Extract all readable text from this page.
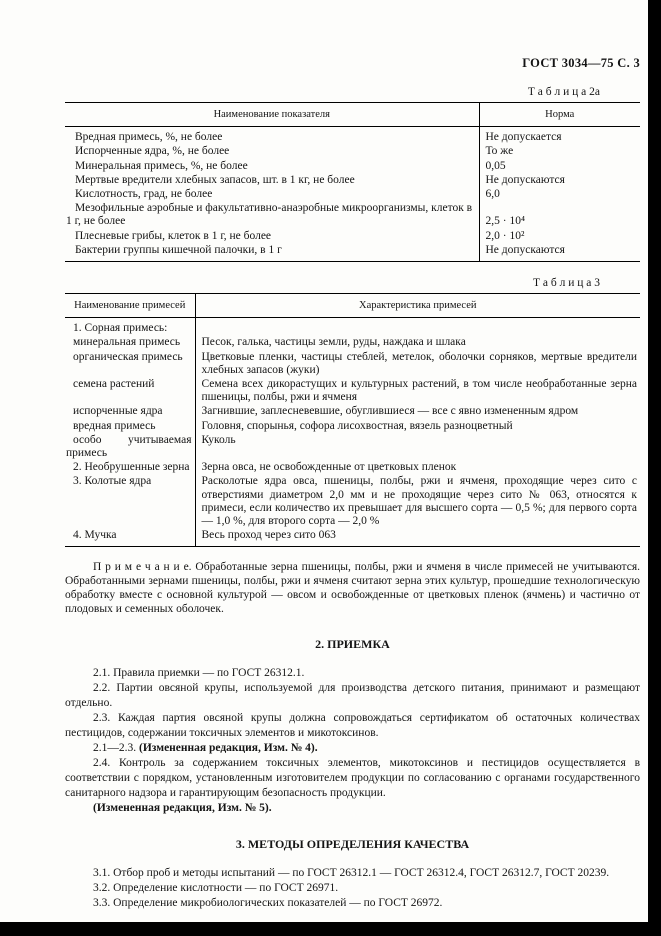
ГОСТ 3034—75 С. 3
Т а б л и ц а 2а
Наименование показателя	Норма
Вредная примесь, %, не более	Не допускается
Испорченные ядра, %, не более	То же
Минеральная примесь, %, не более	0,05
Мертвые вредители хлебных запасов, шт. в 1 кг, не более	Не допускаются
Кислотность, град, не более	6,0
Мезофильные аэробные и факультативно-анаэробные микроорганизмы, клеток в 1 г, не более	2,5 · 10⁴
Плесневые грибы, клеток в 1 г, не более	2,0 · 10²
Бактерии группы кишечной палочки, в 1 г	Не допускаются
Т а б л и ц а 3
Наименование примесей	Характеристика примесей
1. Сорная примесь:	
минеральная примесь	Песок, галька, частицы земли, руды, наждака и шлака
органическая примесь	Цветковые пленки, частицы стеблей, метелок, оболочки сорняков, мертвые вредители хлебных запасов (жуки)
семена растений	Семена всех дикорастущих и культурных растений, в том числе необработанные зерна пшеницы, полбы, ржи и ячменя
испорченные ядра	Загнившие, заплесневевшие, обуглившиеся — все с явно измененным ядром
вредная примесь	Головня, спорынья, софора лисохвостная, вязель разноцветный
особо учитываемая примесь	Куколь
2. Необрушенные зерна	Зерна овса, не освобожденные от цветковых пленок
3. Колотые ядра	Расколотые ядра овса, пшеницы, полбы, ржи и ячменя, проходящие через сито с отверстиями диаметром 2,0 мм и не проходящие через сито № 063, относятся к примеси, если количество их превышает для высшего сорта — 0,5 %; для первого сорта — 1,0 %, для второго сорта — 2,0 %
4. Мучка	Весь проход через сито 063

П р и м е ч а н и е. Обработанные зерна пшеницы, полбы, ржи и ячменя в числе примесей не учитываются. Обработанными зернами пшеницы, полбы, ржи и ячменя считают зерна этих культур, прошедшие технологическую обработку вместе с основной культурой — овсом и освобожденные от цветковых пленок (ячмень) и частично от плодовых и семенных оболочек.

2. ПРИЕМКА

2.1. Правила приемки — по ГОСТ 26312.1.

2.2. Партии овсяной крупы, используемой для производства детского питания, принимают и размещают отдельно.

2.3. Каждая партия овсяной крупы должна сопровождаться сертификатом об остаточных количествах пестицидов, содержании токсичных элементов и микотоксинов.

2.1—2.3. (Измененная редакция, Изм. № 4).

2.4. Контроль за содержанием токсичных элементов, микотоксинов и пестицидов осуществляется в соответствии с порядком, установленным изготовителем продукции по согласованию с органами государственного санитарного надзора и гарантирующим безопасность продукции.

(Измененная редакция, Изм. № 5).

3. МЕТОДЫ ОПРЕДЕЛЕНИЯ КАЧЕСТВА

3.1. Отбор проб и методы испытаний — по ГОСТ 26312.1 — ГОСТ 26312.4, ГОСТ 26312.7, ГОСТ 20239.

3.2. Определение кислотности — по ГОСТ 26971.

3.3. Определение микробиологических показателей — по ГОСТ 26972.
